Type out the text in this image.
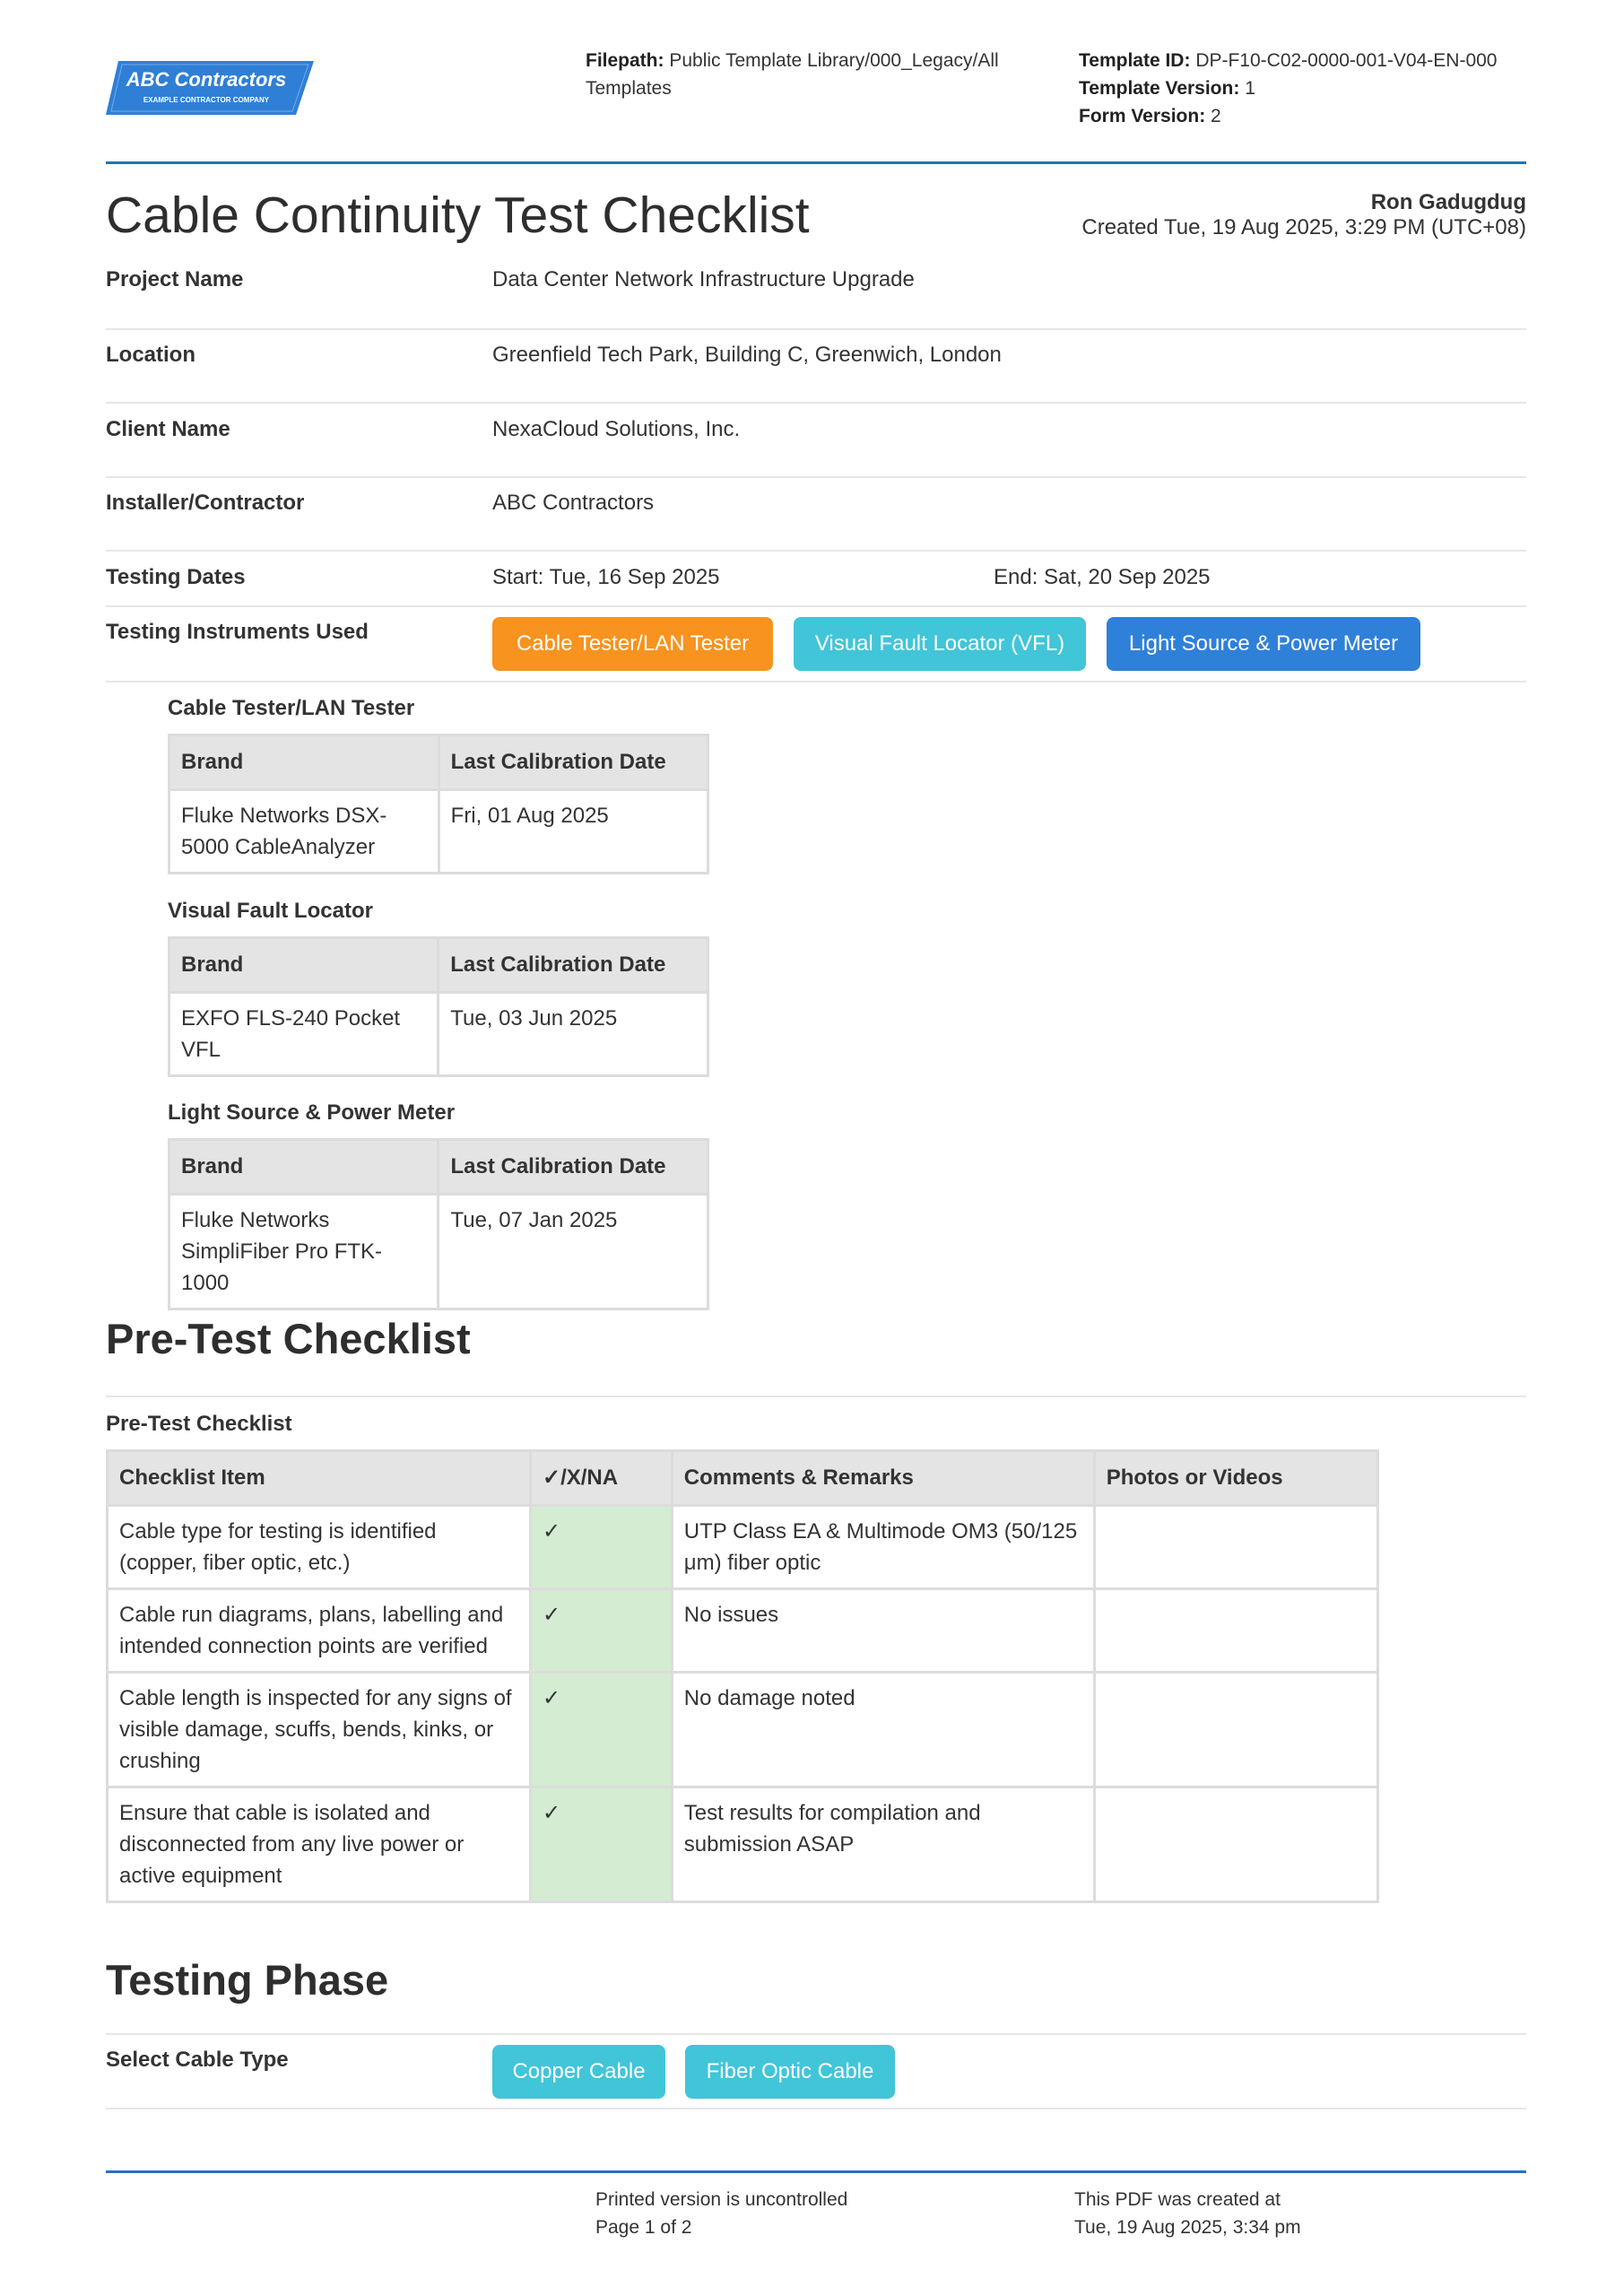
ABC Contractors
EXAMPLE CONTRACTOR COMPANY
Filepath: Public Template Library/000_Legacy/All
Templates
Template ID: DP-F10-C02-0000-001-V04-EN-000
Template Version: 1
Form Version: 2
Cable Continuity Test Checklist	Ron Gadugdug
Created Tue, 19 Aug 2025, 3:29 PM (UTC+08)
Project Name	Data Center Network Infrastructure Upgrade
Location	Greenfield Tech Park, Building C, Greenwich, London
Client Name	NexaCloud Solutions, Inc.
Installer/Contractor	ABC Contractors
Testing Dates	Start: Tue, 16 Sep 2025	End: Sat, 20 Sep 2025
Testing Instruments Used	Cable Tester/LAN Tester	Visual Fault Locator (VFL)	Light Source & Power Meter
Cable Tester/LAN Tester
Brand	Last Calibration Date
Fluke Networks DSX-5000 CableAnalyzer	Fri, 01 Aug 2025
Visual Fault Locator
Brand	Last Calibration Date
EXFO FLS-240 Pocket VFL	Tue, 03 Jun 2025
Light Source & Power Meter
Brand	Last Calibration Date
Fluke Networks SimpliFiber Pro FTK-1000	Tue, 07 Jan 2025
Pre-Test Checklist
Pre-Test Checklist
Checklist Item	✓/X/NA	Comments & Remarks	Photos or Videos
Cable type for testing is identified (copper, fiber optic, etc.)	✓	UTP Class EA & Multimode OM3 (50/125 μm) fiber optic	
Cable run diagrams, plans, labelling and intended connection points are verified	✓	No issues	
Cable length is inspected for any signs of visible damage, scuffs, bends, kinks, or crushing	✓	No damage noted	
Ensure that cable is isolated and disconnected from any live power or active equipment	✓	Test results for compilation and submission ASAP	
Testing Phase
Select Cable Type	Copper Cable	Fiber Optic Cable
Printed version is uncontrolled
Page 1 of 2
This PDF was created at
Tue, 19 Aug 2025, 3:34 pm
